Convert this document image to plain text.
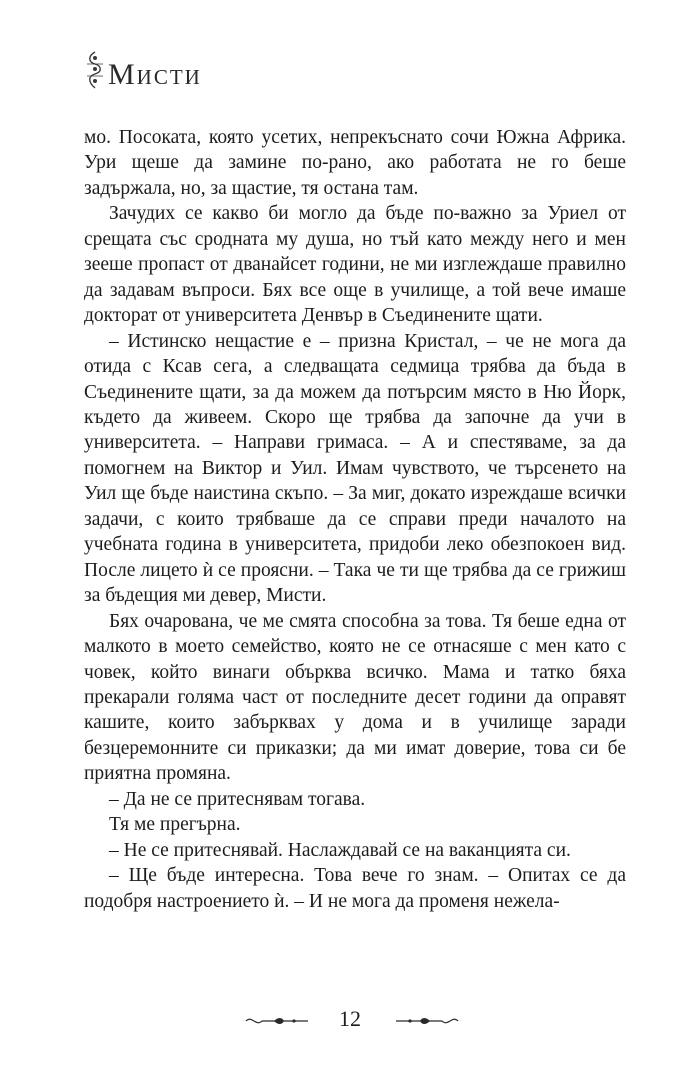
Мисти

мо. Посоката, която усетих, непрекъснато сочи Южна Африка. Ури щеше да замине по-рано, ако работата не го беше задържала, но, за щастие, тя остана там.

Зачудих се какво би могло да бъде по-важно за Уриел от срещата със сродната му душа, но тъй като между него и мен зееше пропаст от дванайсет години, не ми изглеждаше правилно да задавам въпроси. Бях все още в училище, а той вече имаше докторат от университета Денвър в Съединените щати.

– Истинско нещастие е – призна Кристал, – че не мога да отида с Ксав сега, а следващата седмица трябва да бъда в Съединените щати, за да можем да потърсим място в Ню Йорк, където да живеем. Скоро ще трябва да започне да учи в университета. – Направи гримаса. – А и спестяваме, за да помогнем на Виктор и Уил. Имам чувството, че търсенето на Уил ще бъде наистина скъпо. – За миг, докато изреждаше всички задачи, с които трябваше да се справи преди началото на учебната година в университета, придоби леко обезпокоен вид. После лицето ѝ се проясни. – Така че ти ще трябва да се грижиш за бъдещия ми девер, Мисти.

Бях очарована, че ме смята способна за това. Тя беше една от малкото в моето семейство, която не се отнасяше с мен като с човек, който винаги обърква всичко. Мама и татко бяха прекарали голяма част от последните десет години да оправят кашите, които забърквах у дома и в училище заради безцеремонните си приказки; да ми имат доверие, това си бе приятна промяна.

– Да не се притеснявам тогава.

Тя ме прегърна.

– Не се притеснявай. Наслаждавай се на ваканцията си.

– Ще бъде интересна. Това вече го знам. – Опитах се да подобря настроението ѝ. – И не мога да променя нежела-

12
